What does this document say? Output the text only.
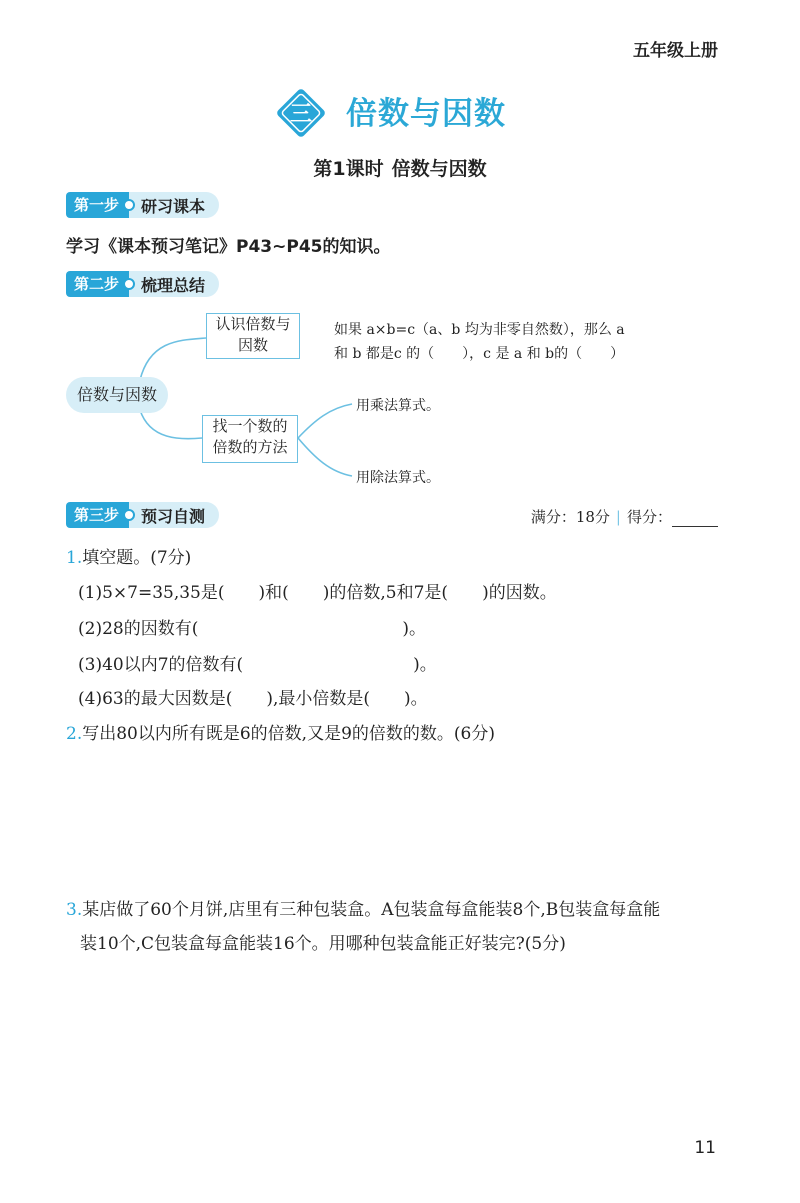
五年级上册
三 倍数与因数
第1课时 倍数与因数
第一步	研习课本
学习《课本预习笔记》P43~P45的知识。
第二步	梳理总结
倍数与因数
认识倍数与
因数
如果 a×b=c（a、b 均为非零自然数），那么 a
和 b 都是c 的（　　），c 是 a 和 b的（　　）
找一个数的
倍数的方法
用乘法算式。
用除法算式。
第三步	预习自测	满分：18分 | 得分：
1.填空题。(7分)
(1)5×7=35,35是(　　)和(　　)的倍数,5和7是(　　)的因数。
(2)28的因数有(　　　　　　　　　　　　)。
(3)40以内7的倍数有(　　　　　　　　　　)。
(4)63的最大因数是(　　),最小倍数是(　　)。
2.写出80以内所有既是6的倍数,又是9的倍数的数。(6分)
3.某店做了60个月饼,店里有三种包装盒。A包装盒每盒能装8个,B包装盒每盒能
装10个,C包装盒每盒能装16个。用哪种包装盒能正好装完?(5分)
11
